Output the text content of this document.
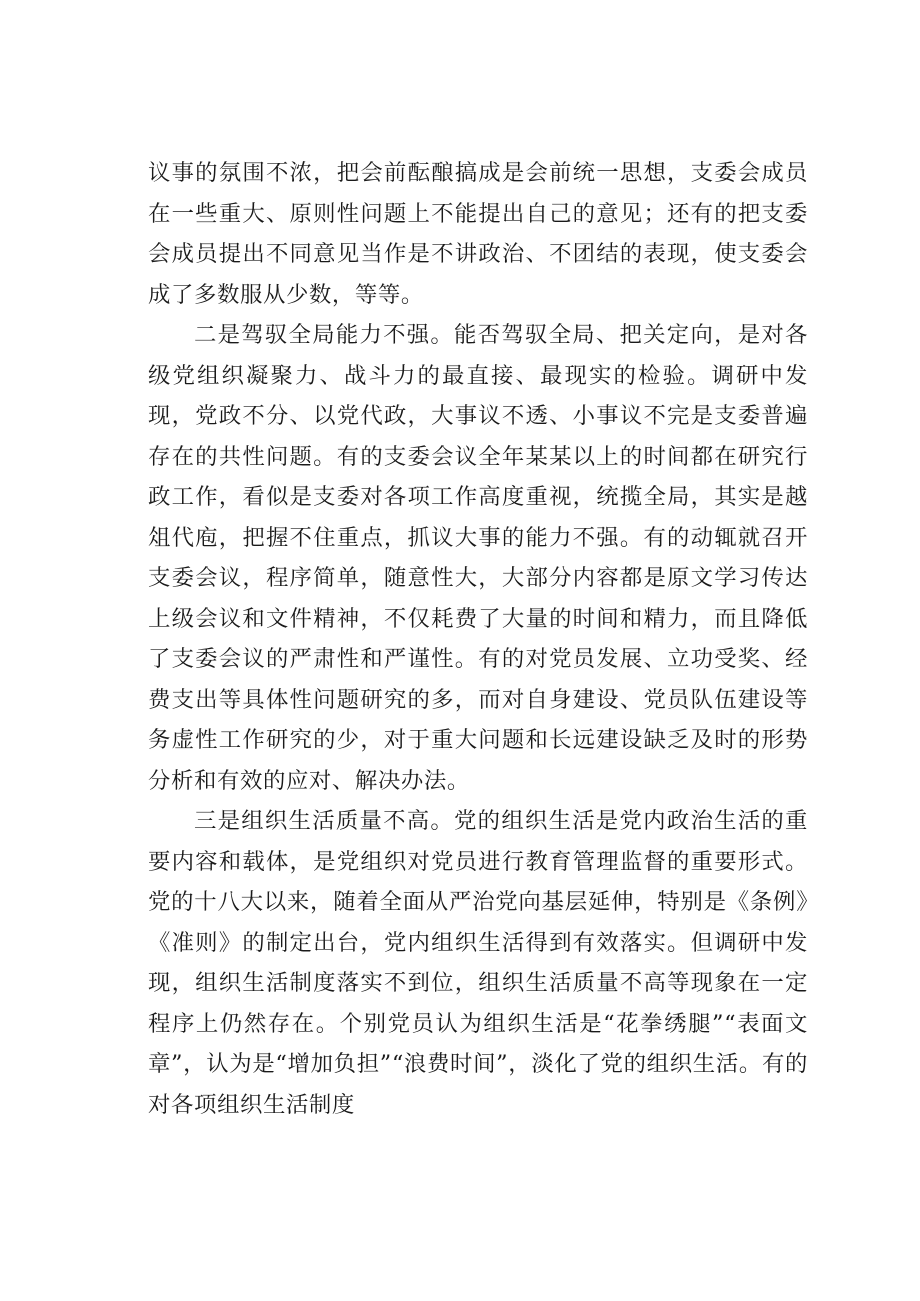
议事的氛围不浓，把会前酝酿搞成是会前统一思想，支委会成员在一些重大、原则性问题上不能提出自己的意见；还有的把支委会成员提出不同意见当作是不讲政治、不团结的表现，使支委会成了多数服从少数，等等。

二是驾驭全局能力不强。能否驾驭全局、把关定向，是对各级党组织凝聚力、战斗力的最直接、最现实的检验。调研中发现，党政不分、以党代政，大事议不透、小事议不完是支委普遍存在的共性问题。有的支委会议全年某某以上的时间都在研究行政工作，看似是支委对各项工作高度重视，统揽全局，其实是越俎代庖，把握不住重点，抓议大事的能力不强。有的动辄就召开支委会议，程序简单，随意性大，大部分内容都是原文学习传达上级会议和文件精神，不仅耗费了大量的时间和精力，而且降低了支委会议的严肃性和严谨性。有的对党员发展、立功受奖、经费支出等具体性问题研究的多，而对自身建设、党员队伍建设等务虚性工作研究的少，对于重大问题和长远建设缺乏及时的形势分析和有效的应对、解决办法。

三是组织生活质量不高。党的组织生活是党内政治生活的重要内容和载体，是党组织对党员进行教育管理监督的重要形式。党的十八大以来，随着全面从严治党向基层延伸，特别是《条例》《准则》的制定出台，党内组织生活得到有效落实。但调研中发现，组织生活制度落实不到位，组织生活质量不高等现象在一定程序上仍然存在。个别党员认为组织生活是“花拳绣腿”“表面文章”，认为是“增加负担”“浪费时间”，淡化了党的组织生活。有的对各项组织生活制度
